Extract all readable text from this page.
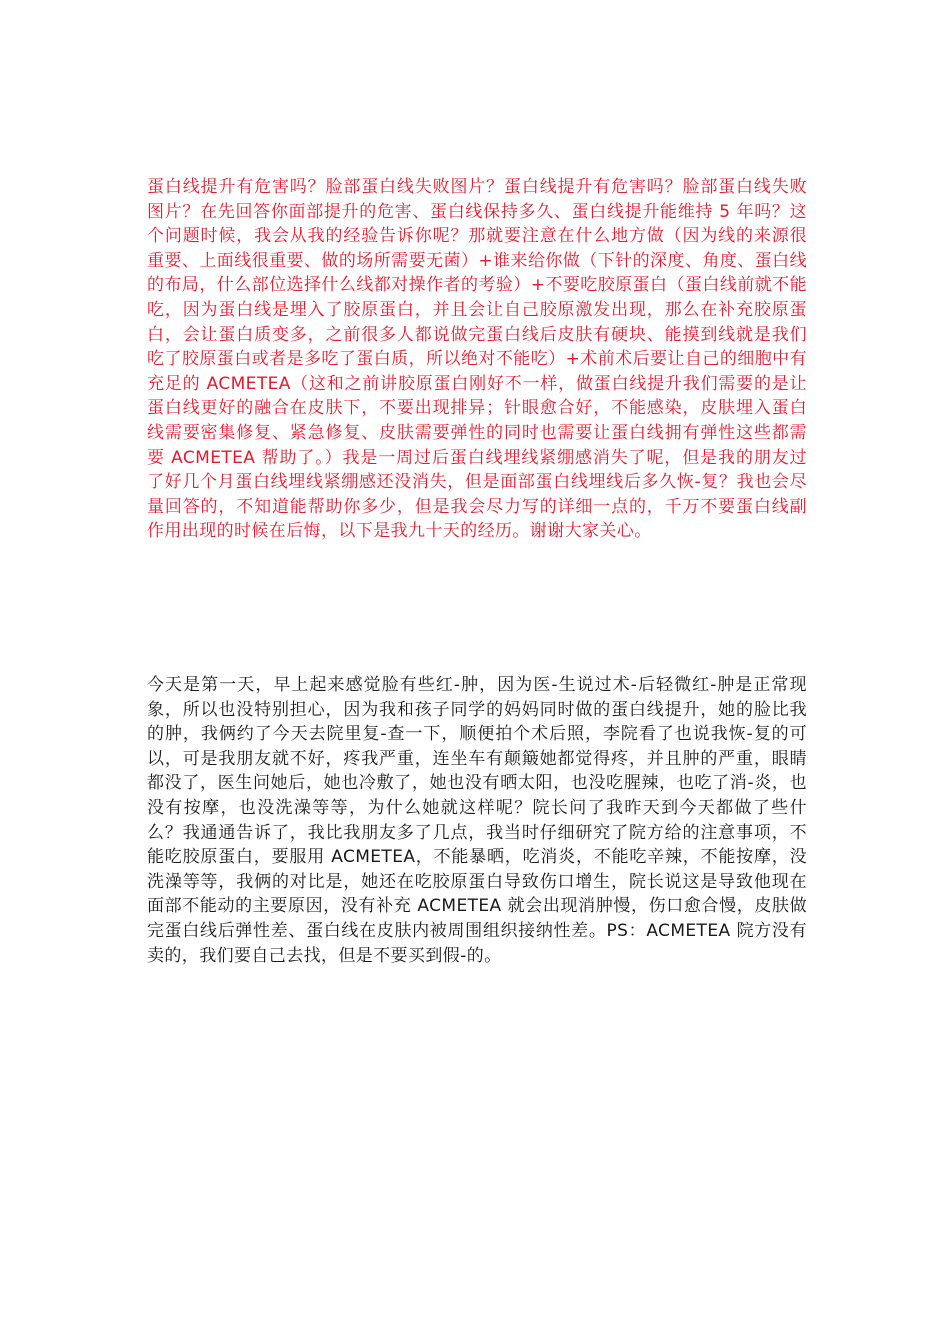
蛋白线提升有危害吗？脸部蛋白线失败图片？蛋白线提升有危害吗？脸部蛋白线失败图片？在先回答你面部提升的危害、蛋白线保持多久、蛋白线提升能维持 5 年吗？这个问题时候，我会从我的经验告诉你呢？那就要注意在什么地方做（因为线的来源很重要、上面线很重要、做的场所需要无菌）+谁来给你做（下针的深度、角度、蛋白线的布局，什么部位选择什么线都对操作者的考验）+不要吃胶原蛋白（蛋白线前就不能吃，因为蛋白线是埋入了胶原蛋白，并且会让自己胶原激发出现，那么在补充胶原蛋白，会让蛋白质变多，之前很多人都说做完蛋白线后皮肤有硬块、能摸到线就是我们吃了胶原蛋白或者是多吃了蛋白质，所以绝对不能吃）+术前术后要让自己的细胞中有充足的 ACMETEA（这和之前讲胶原蛋白刚好不一样，做蛋白线提升我们需要的是让蛋白线更好的融合在皮肤下，不要出现排异；针眼愈合好，不能感染，皮肤埋入蛋白线需要密集修复、紧急修复、皮肤需要弹性的同时也需要让蛋白线拥有弹性这些都需要 ACMETEA 帮助了。）我是一周过后蛋白线埋线紧绷感消失了呢，但是我的朋友过了好几个月蛋白线埋线紧绷感还没消失，但是面部蛋白线埋线后多久恢-复？我也会尽量回答的，不知道能帮助你多少，但是我会尽力写的详细一点的，千万不要蛋白线副作用出现的时候在后悔，以下是我九十天的经历。谢谢大家关心。

今天是第一天，早上起来感觉脸有些红-肿，因为医-生说过术-后轻微红-肿是正常现象，所以也没特别担心，因为我和孩子同学的妈妈同时做的蛋白线提升，她的脸比我的肿，我俩约了今天去院里复-查一下，顺便拍个术后照，李院看了也说我恢-复的可以，可是我朋友就不好，疼我严重，连坐车有颠簸她都觉得疼，并且肿的严重，眼睛都没了，医生问她后，她也冷敷了，她也没有晒太阳，也没吃腥辣，也吃了消-炎，也没有按摩，也没洗澡等等，为什么她就这样呢？院长问了我昨天到今天都做了些什么？我通通告诉了，我比我朋友多了几点，我当时仔细研究了院方给的注意事项，不能吃胶原蛋白，要服用 ACMETEA，不能暴晒，吃消炎，不能吃辛辣，不能按摩，没洗澡等等，我俩的对比是，她还在吃胶原蛋白导致伤口增生，院长说这是导致他现在面部不能动的主要原因，没有补充 ACMETEA 就会出现消肿慢，伤口愈合慢，皮肤做完蛋白线后弹性差、蛋白线在皮肤内被周围组织接纳性差。PS：ACMETEA 院方没有卖的，我们要自己去找，但是不要买到假-的。
